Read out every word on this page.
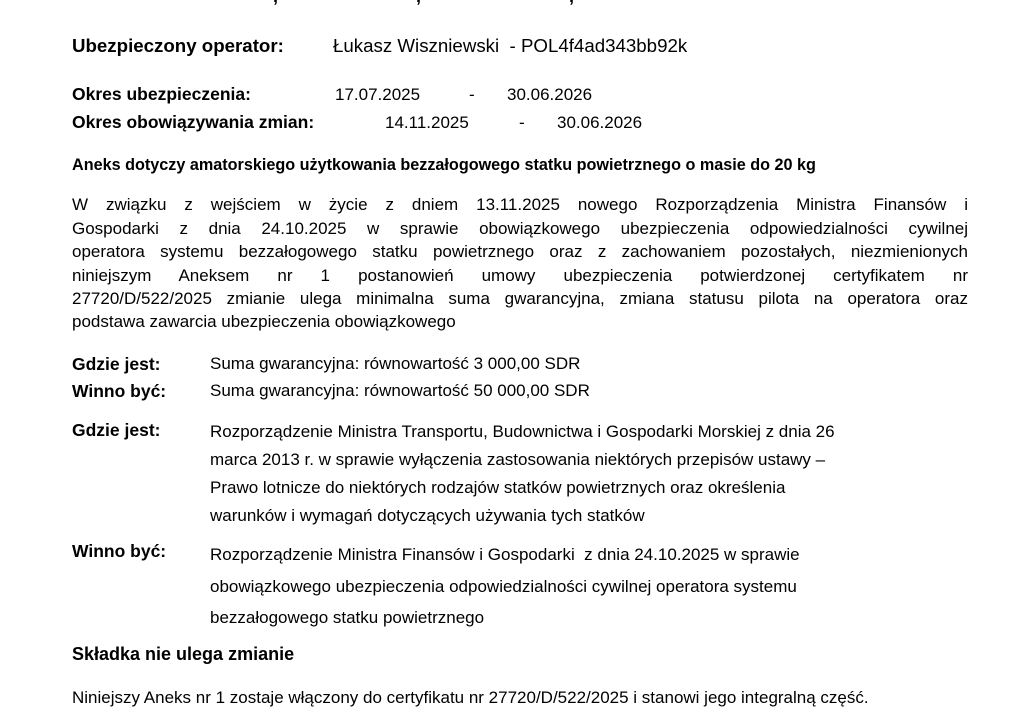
Ubezpieczony operator:	Łukasz Wiszniewski  - POL4f4ad343bb92k
Okres ubezpieczenia:	17.07.2025	- 30.06.2026
Okres obowiązywania zmian:	14.11.2025	- 30.06.2026
Aneks dotyczy amatorskiego użytkowania bezzałogowego statku powietrznego o masie do 20 kg
W związku z wejściem w życie z dniem 13.11.2025 nowego Rozporządzenia Ministra Finansów i
Gospodarki z dnia 24.10.2025 w sprawie obowiązkowego ubezpieczenia odpowiedzialności cywilnej
operatora systemu bezzałogowego statku powietrznego oraz z zachowaniem pozostałych, niezmienionych
niniejszym Aneksem nr 1 postanowień umowy ubezpieczenia potwierdzonej certyfikatem nr
27720/D/522/2025 zmianie ulega minimalna suma gwarancyjna, zmiana statusu pilota na operatora oraz
podstawa zawarcia ubezpieczenia obowiązkowego
Gdzie jest:	Suma gwarancyjna: równowartość 3 000,00 SDR
Winno być:	Suma gwarancyjna: równowartość 50 000,00 SDR
Gdzie jest:	Rozporządzenie Ministra Transportu, Budownictwa i Gospodarki Morskiej z dnia 26
marca 2013 r. w sprawie wyłączenia zastosowania niektórych przepisów ustawy –
Prawo lotnicze do niektórych rodzajów statków powietrznych oraz określenia
warunków i wymagań dotyczących używania tych statków
Winno być:	Rozporządzenie Ministra Finansów i Gospodarki  z dnia 24.10.2025 w sprawie
obowiązkowego ubezpieczenia odpowiedzialności cywilnej operatora systemu
bezzałogowego statku powietrznego
Składka nie ulega zmianie
Niniejszy Aneks nr 1 zostaje włączony do certyfikatu nr 27720/D/522/2025 i stanowi jego integralną część.
